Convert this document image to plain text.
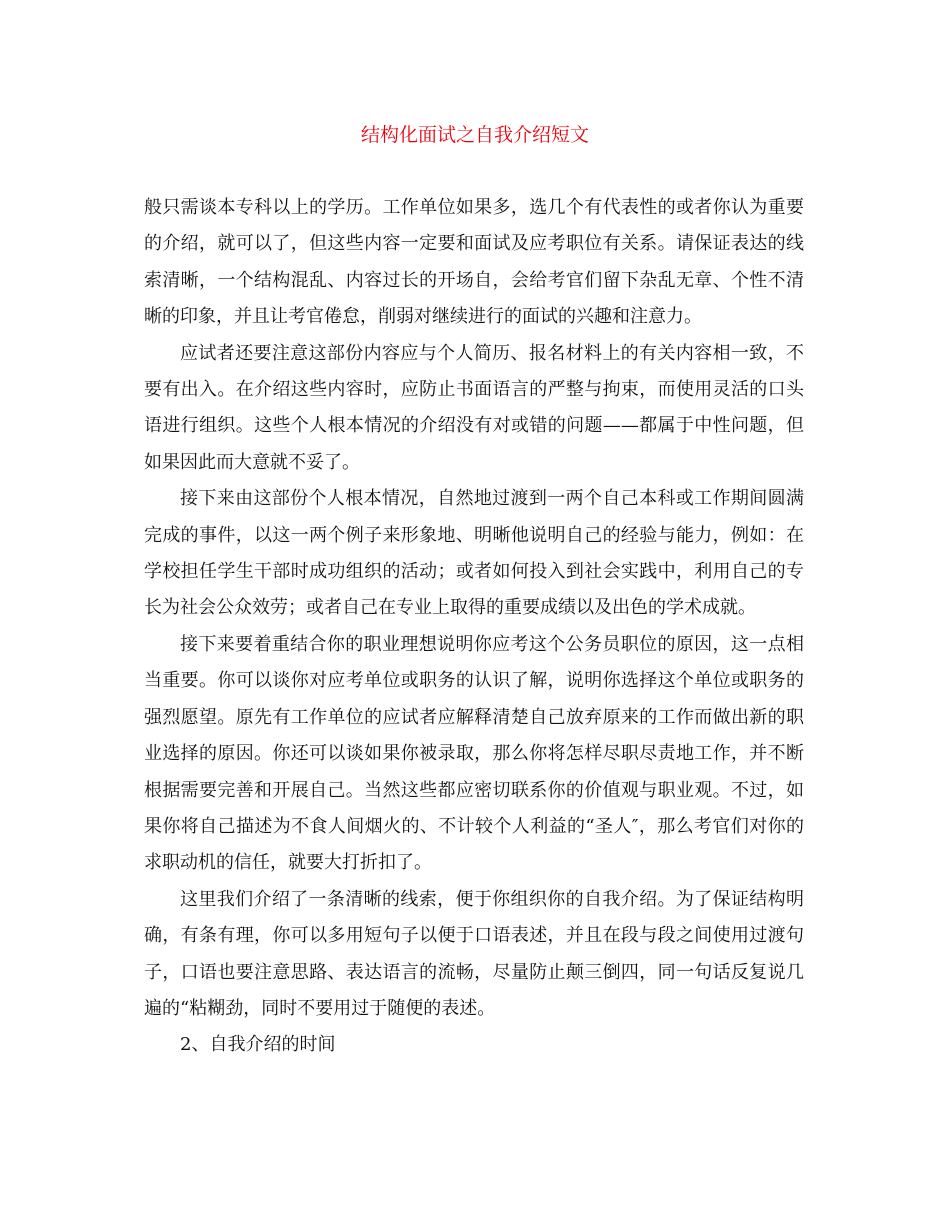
结构化面试之自我介绍短文

般只需谈本专科以上的学历。工作单位如果多，选几个有代表性的或者你认为重要的介绍，就可以了，但这些内容一定要和面试及应考职位有关系。请保证表达的线索清晰，一个结构混乱、内容过长的开场自，会给考官们留下杂乱无章、个性不清晰的印象，并且让考官倦怠，削弱对继续进行的面试的兴趣和注意力。

应试者还要注意这部份内容应与个人简历、报名材料上的有关内容相一致，不要有出入。在介绍这些内容时，应防止书面语言的严整与拘束，而使用灵活的口头语进行组织。这些个人根本情况的介绍没有对或错的问题——都属于中性问题，但如果因此而大意就不妥了。

接下来由这部份个人根本情况，自然地过渡到一两个自己本科或工作期间圆满完成的事件，以这一两个例子来形象地、明晰他说明自己的经验与能力，例如：在学校担任学生干部时成功组织的活动；或者如何投入到社会实践中，利用自己的专长为社会公众效劳；或者自己在专业上取得的重要成绩以及出色的学术成就。

接下来要着重结合你的职业理想说明你应考这个公务员职位的原因，这一点相当重要。你可以谈你对应考单位或职务的认识了解，说明你选择这个单位或职务的强烈愿望。原先有工作单位的应试者应解释清楚自己放弃原来的工作而做出新的职业选择的原因。你还可以谈如果你被录取，那么你将怎样尽职尽责地工作，并不断根据需要完善和开展自己。当然这些都应密切联系你的价值观与职业观。不过，如果你将自己描述为不食人间烟火的、不计较个人利益的“圣人″，那么考官们对你的求职动机的信任，就要大打折扣了。

这里我们介绍了一条清晰的线索，便于你组织你的自我介绍。为了保证结构明确，有条有理，你可以多用短句子以便于口语表述，并且在段与段之间使用过渡句子，口语也要注意思路、表达语言的流畅，尽量防止颠三倒四，同一句话反复说几遍的“粘糊劲，同时不要用过于随便的表述。

2、自我介绍的时间
